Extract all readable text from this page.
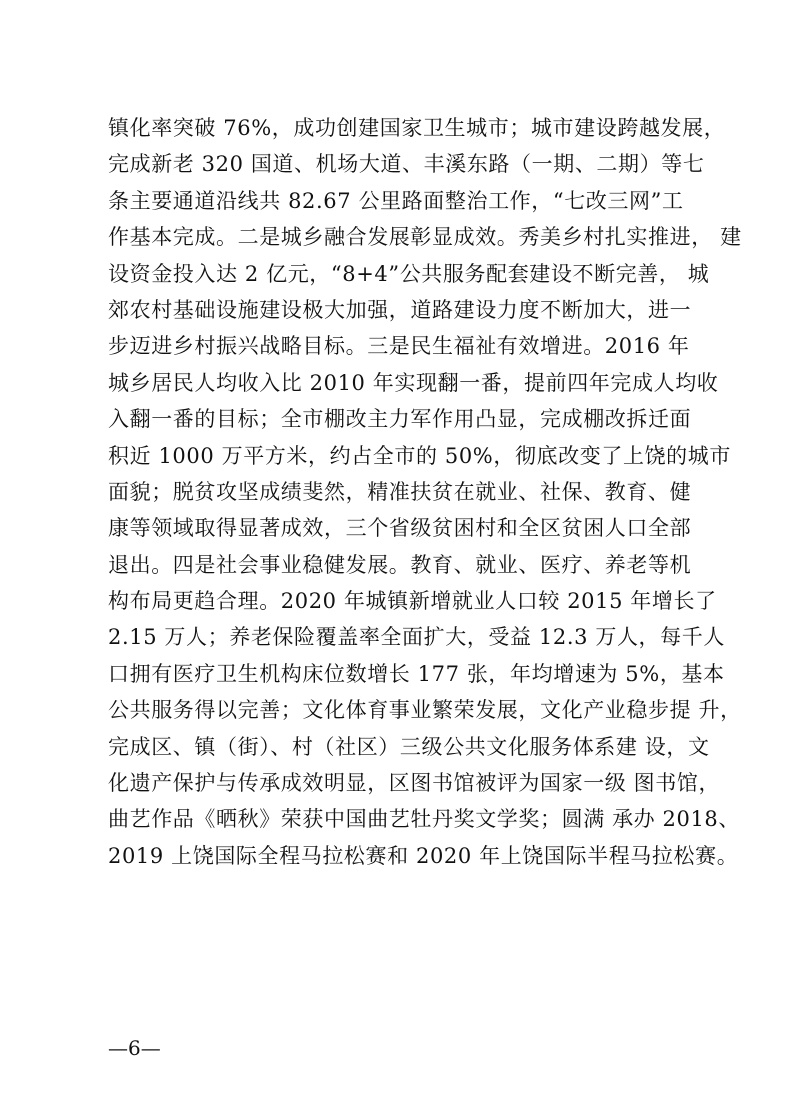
镇化率突破 76%，成功创建国家卫生城市；城市建设跨越发展，
完成新老 320 国道、机场大道、丰溪东路（一期、二期）等七
条主要通道沿线共 82.67 公里路面整治工作，“七改三网”工
作基本完成。二是城乡融合发展彰显成效。秀美乡村扎实推进， 建
设资金投入达 2 亿元，“8+4”公共服务配套建设不断完善， 城
郊农村基础设施建设极大加强，道路建设力度不断加大，进一
步迈进乡村振兴战略目标。三是民生福祉有效增进。2016 年
城乡居民人均收入比 2010 年实现翻一番，提前四年完成人均收
入翻一番的目标；全市棚改主力军作用凸显，完成棚改拆迁面
积近 1000 万平方米，约占全市的 50%，彻底改变了上饶的城市
面貌；脱贫攻坚成绩斐然，精准扶贫在就业、社保、教育、健
康等领域取得显著成效，三个省级贫困村和全区贫困人口全部
退出。四是社会事业稳健发展。教育、就业、医疗、养老等机
构布局更趋合理。2020 年城镇新增就业人口较 2015 年增长了
2.15 万人；养老保险覆盖率全面扩大，受益 12.3 万人，每千人
口拥有医疗卫生机构床位数增长 177 张，年均增速为 5%，基本
公共服务得以完善；文化体育事业繁荣发展，文化产业稳步提 升，
完成区、镇（街）、村（社区）三级公共文化服务体系建 设，文
化遗产保护与传承成效明显，区图书馆被评为国家一级 图书馆，
曲艺作品《晒秋》荣获中国曲艺牡丹奖文学奖；圆满 承办 2018、
2019 上饶国际全程马拉松赛和 2020 年上饶国际半程马拉松赛。
—6—
